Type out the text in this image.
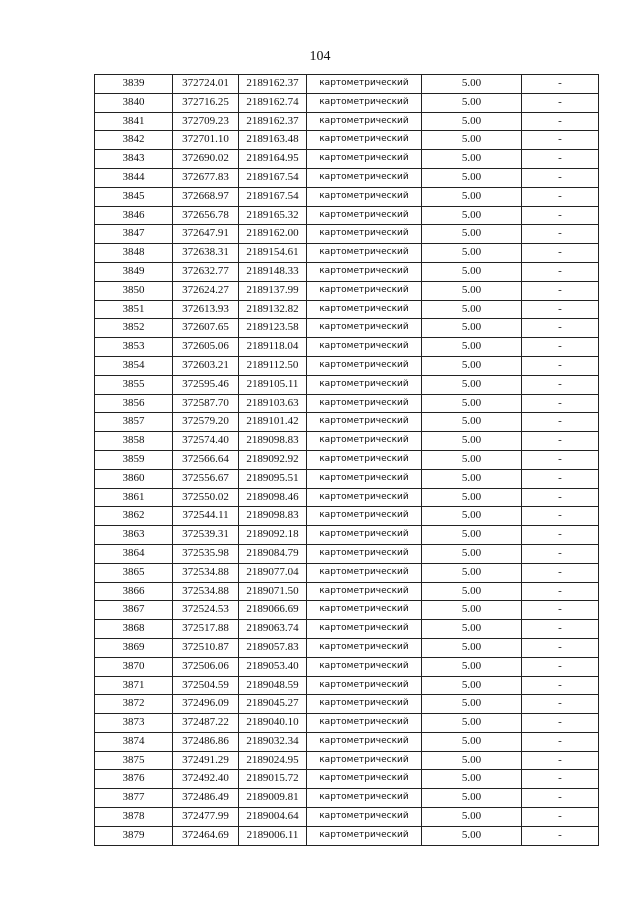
104
3839	372724.01	2189162.37	картометрический	5.00	-
3840	372716.25	2189162.74	картометрический	5.00	-
3841	372709.23	2189162.37	картометрический	5.00	-
3842	372701.10	2189163.48	картометрический	5.00	-
3843	372690.02	2189164.95	картометрический	5.00	-
3844	372677.83	2189167.54	картометрический	5.00	-
3845	372668.97	2189167.54	картометрический	5.00	-
3846	372656.78	2189165.32	картометрический	5.00	-
3847	372647.91	2189162.00	картометрический	5.00	-
3848	372638.31	2189154.61	картометрический	5.00	-
3849	372632.77	2189148.33	картометрический	5.00	-
3850	372624.27	2189137.99	картометрический	5.00	-
3851	372613.93	2189132.82	картометрический	5.00	-
3852	372607.65	2189123.58	картометрический	5.00	-
3853	372605.06	2189118.04	картометрический	5.00	-
3854	372603.21	2189112.50	картометрический	5.00	-
3855	372595.46	2189105.11	картометрический	5.00	-
3856	372587.70	2189103.63	картометрический	5.00	-
3857	372579.20	2189101.42	картометрический	5.00	-
3858	372574.40	2189098.83	картометрический	5.00	-
3859	372566.64	2189092.92	картометрический	5.00	-
3860	372556.67	2189095.51	картометрический	5.00	-
3861	372550.02	2189098.46	картометрический	5.00	-
3862	372544.11	2189098.83	картометрический	5.00	-
3863	372539.31	2189092.18	картометрический	5.00	-
3864	372535.98	2189084.79	картометрический	5.00	-
3865	372534.88	2189077.04	картометрический	5.00	-
3866	372534.88	2189071.50	картометрический	5.00	-
3867	372524.53	2189066.69	картометрический	5.00	-
3868	372517.88	2189063.74	картометрический	5.00	-
3869	372510.87	2189057.83	картометрический	5.00	-
3870	372506.06	2189053.40	картометрический	5.00	-
3871	372504.59	2189048.59	картометрический	5.00	-
3872	372496.09	2189045.27	картометрический	5.00	-
3873	372487.22	2189040.10	картометрический	5.00	-
3874	372486.86	2189032.34	картометрический	5.00	-
3875	372491.29	2189024.95	картометрический	5.00	-
3876	372492.40	2189015.72	картометрический	5.00	-
3877	372486.49	2189009.81	картометрический	5.00	-
3878	372477.99	2189004.64	картометрический	5.00	-
3879	372464.69	2189006.11	картометрический	5.00	-
